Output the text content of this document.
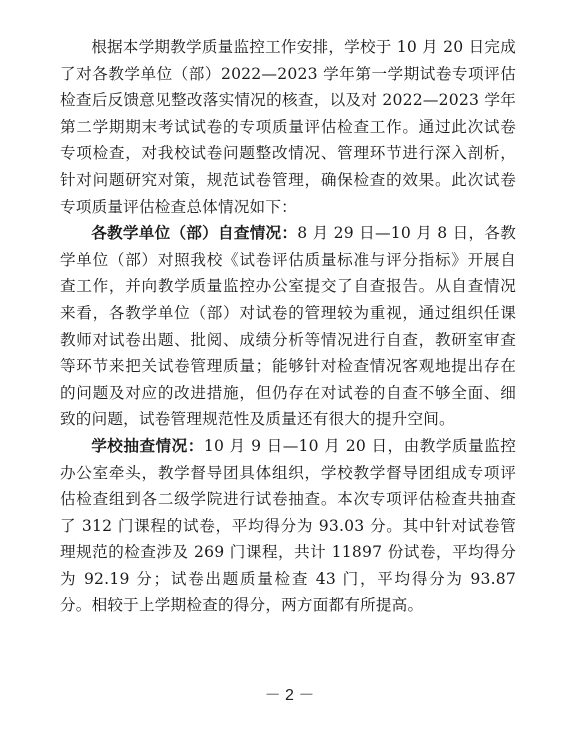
根据本学期教学质量监控工作安排，学校于 10 月 20 日完成了对各教学单位（部）2022—2023 学年第一学期试卷专项评估检查后反馈意见整改落实情况的核查，以及对 2022—2023 学年第二学期期末考试试卷的专项质量评估检查工作。通过此次试卷专项检查，对我校试卷问题整改情况、管理环节进行深入剖析，针对问题研究对策，规范试卷管理，确保检查的效果。此次试卷专项质量评估检查总体情况如下：

各教学单位（部）自查情况：8 月 29 日—10 月 8 日，各教学单位（部）对照我校《试卷评估质量标准与评分指标》开展自查工作，并向教学质量监控办公室提交了自查报告。从自查情况来看，各教学单位（部）对试卷的管理较为重视，通过组织任课教师对试卷出题、批阅、成绩分析等情况进行自查，教研室审查等环节来把关试卷管理质量；能够针对检查情况客观地提出存在的问题及对应的改进措施，但仍存在对试卷的自查不够全面、细致的问题，试卷管理规范性及质量还有很大的提升空间。

学校抽查情况：10 月 9 日—10 月 20 日，由教学质量监控办公室牵头，教学督导团具体组织，学校教学督导团组成专项评估检查组到各二级学院进行试卷抽查。本次专项评估检查共抽查了 312 门课程的试卷，平均得分为 93.03 分。其中针对试卷管理规范的检查涉及 269 门课程，共计 11897 份试卷，平均得分为 92.19 分；试卷出题质量检查 43 门，平均得分为 93.87 分。相较于上学期检查的得分，两方面都有所提高。

－ 2 －
